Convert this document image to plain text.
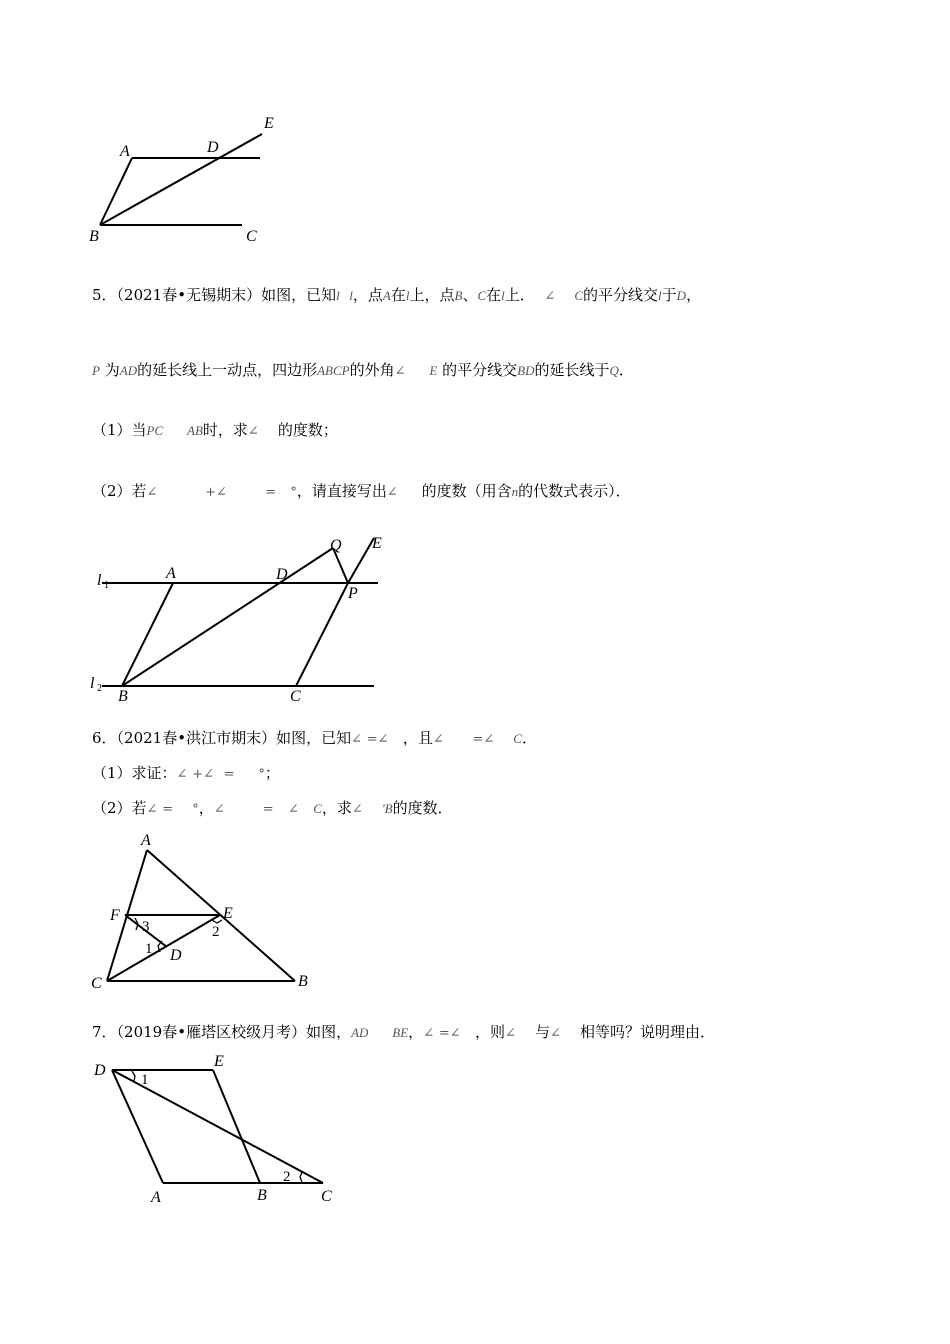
A	D
E
B	C
5．（2021春•无锡期末）如图，已知l l，点A在l上，点B、C在l上． ∠ C的平分线交l于D，
P 为AD的延长线上一动点，四边形ABCP的外角∠ E 的平分线交BD的延长线于Q．
（1）当PC AB时，求∠ 的度数；
（2）若∠	+∠	= °，请直接写出∠ 的度数（用含n的代数式表示）．
l 1
l 2
A	D
Q E
P
B	C
6．（2021春•洪江市期末）如图，已知∠ =∠ ，且∠ =∠ C．
（1）求证：∠ +∠ = °；
（2）若∠ = °，∠	= ∠ C，求∠ 'B的度数．
A
F	E
D
C	B
3
1
2
7．（2019春•雁塔区校级月考）如图，AD BE，∠ =∠ ，则∠ 与∠ 相等吗？说明理由．
D
E
A	B	C
1
2
